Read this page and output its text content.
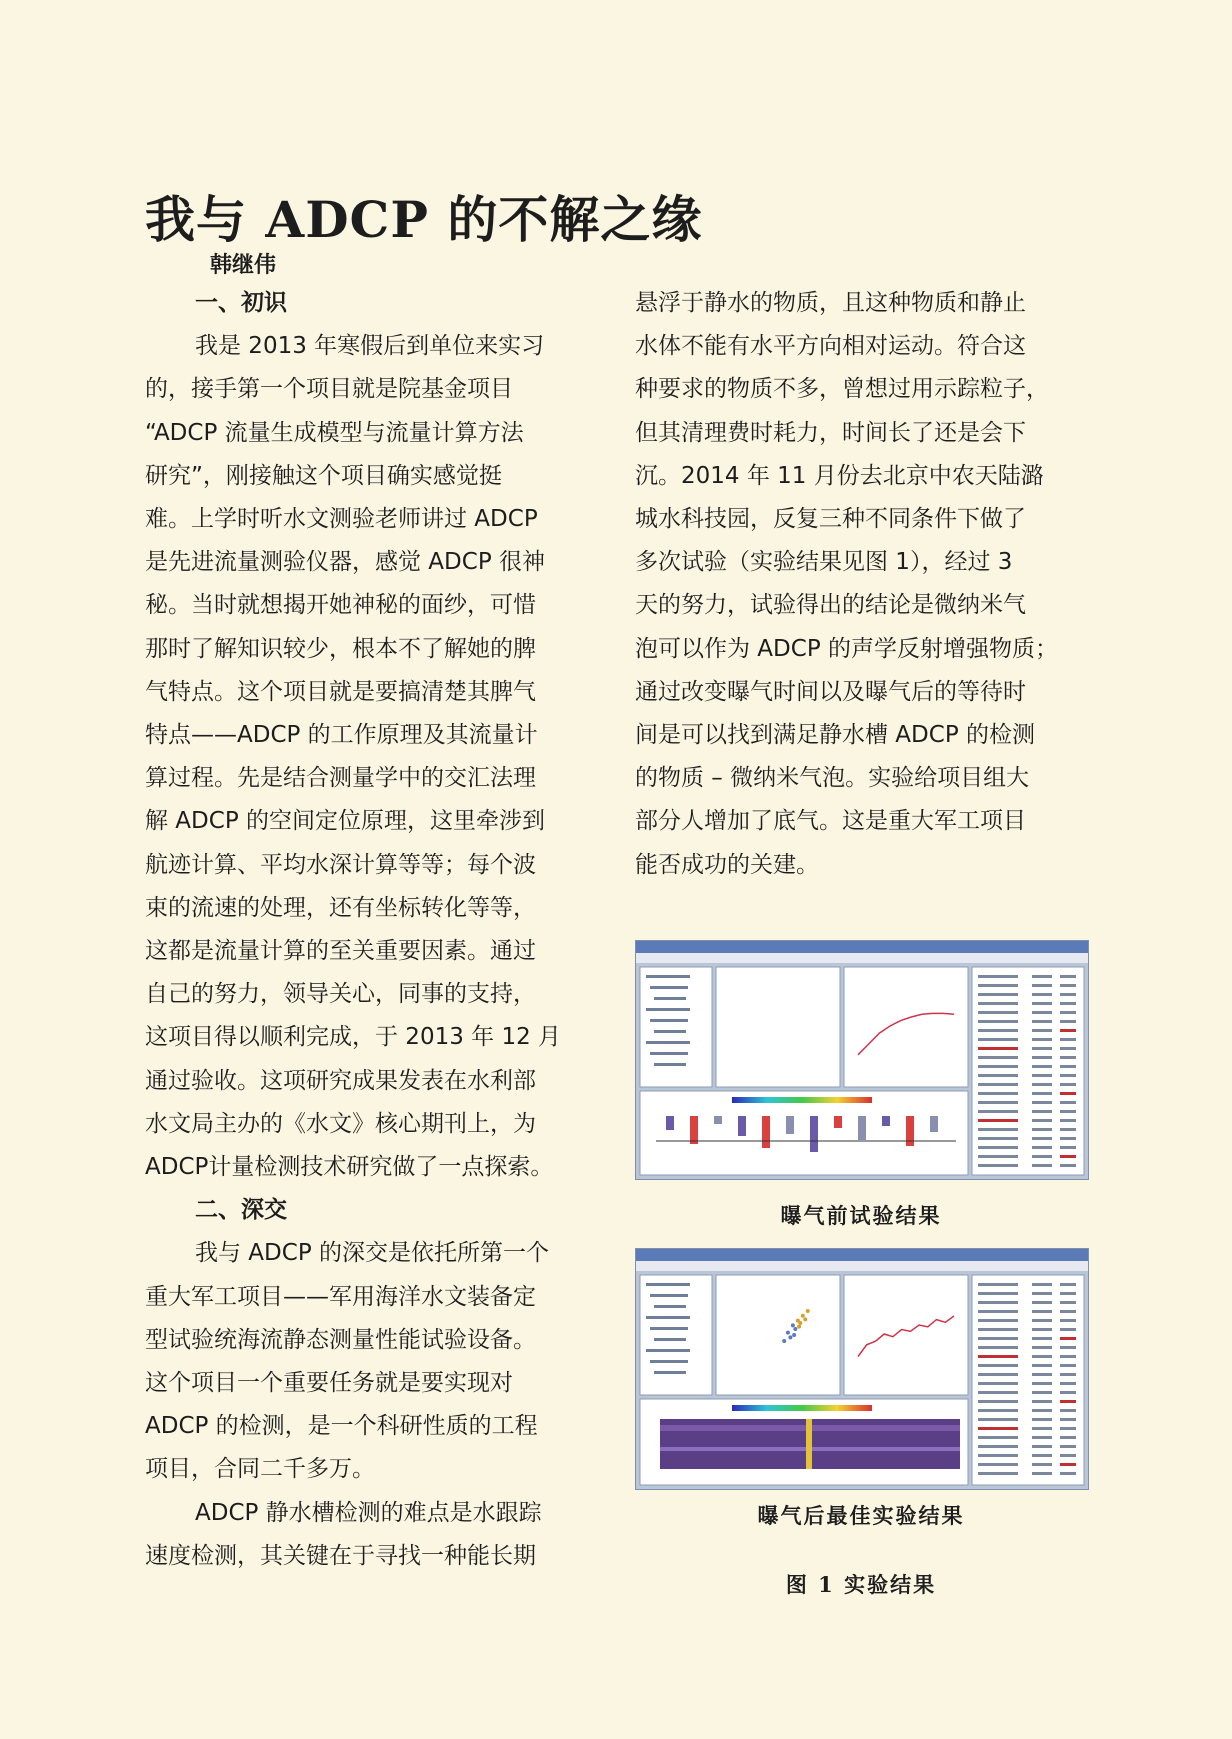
我与 ADCP 的不解之缘
韩继伟
一、初识
我是 2013 年寒假后到单位来实习
的，接手第一个项目就是院基金项目
“ADCP 流量生成模型与流量计算方法
研究”，刚接触这个项目确实感觉挺
难。上学时听水文测验老师讲过 ADCP
是先进流量测验仪器，感觉 ADCP 很神
秘。当时就想揭开她神秘的面纱，可惜
那时了解知识较少，根本不了解她的脾
气特点。这个项目就是要搞清楚其脾气
特点——ADCP 的工作原理及其流量计
算过程。先是结合测量学中的交汇法理
解 ADCP 的空间定位原理，这里牵涉到
航迹计算、平均水深计算等等；每个波
束的流速的处理，还有坐标转化等等，
这都是流量计算的至关重要因素。通过
自己的努力，领导关心，同事的支持，
这项目得以顺利完成，于 2013 年 12 月
通过验收。这项研究成果发表在水利部
水文局主办的《水文》核心期刊上，为
ADCP计量检测技术研究做了一点探索。
二、深交
我与 ADCP 的深交是依托所第一个
重大军工项目——军用海洋水文装备定
型试验统海流静态测量性能试验设备。
这个项目一个重要任务就是要实现对
ADCP 的检测，是一个科研性质的工程
项目，合同二千多万。
ADCP 静水槽检测的难点是水跟踪
速度检测，其关键在于寻找一种能长期
悬浮于静水的物质，且这种物质和静止
水体不能有水平方向相对运动。符合这
种要求的物质不多，曾想过用示踪粒子，
但其清理费时耗力，时间长了还是会下
沉。2014 年 11 月份去北京中农天陆潞
城水科技园，反复三种不同条件下做了
多次试验（实验结果见图 1），经过 3
天的努力，试验得出的结论是微纳米气
泡可以作为 ADCP 的声学反射增强物质；
通过改变曝气时间以及曝气后的等待时
间是可以找到满足静水槽 ADCP 的检测
的物质 – 微纳米气泡。实验给项目组大
部分人增加了底气。这是重大军工项目
能否成功的关建。
曝气前试验结果
曝气后最佳实验结果
图 1 实验结果
